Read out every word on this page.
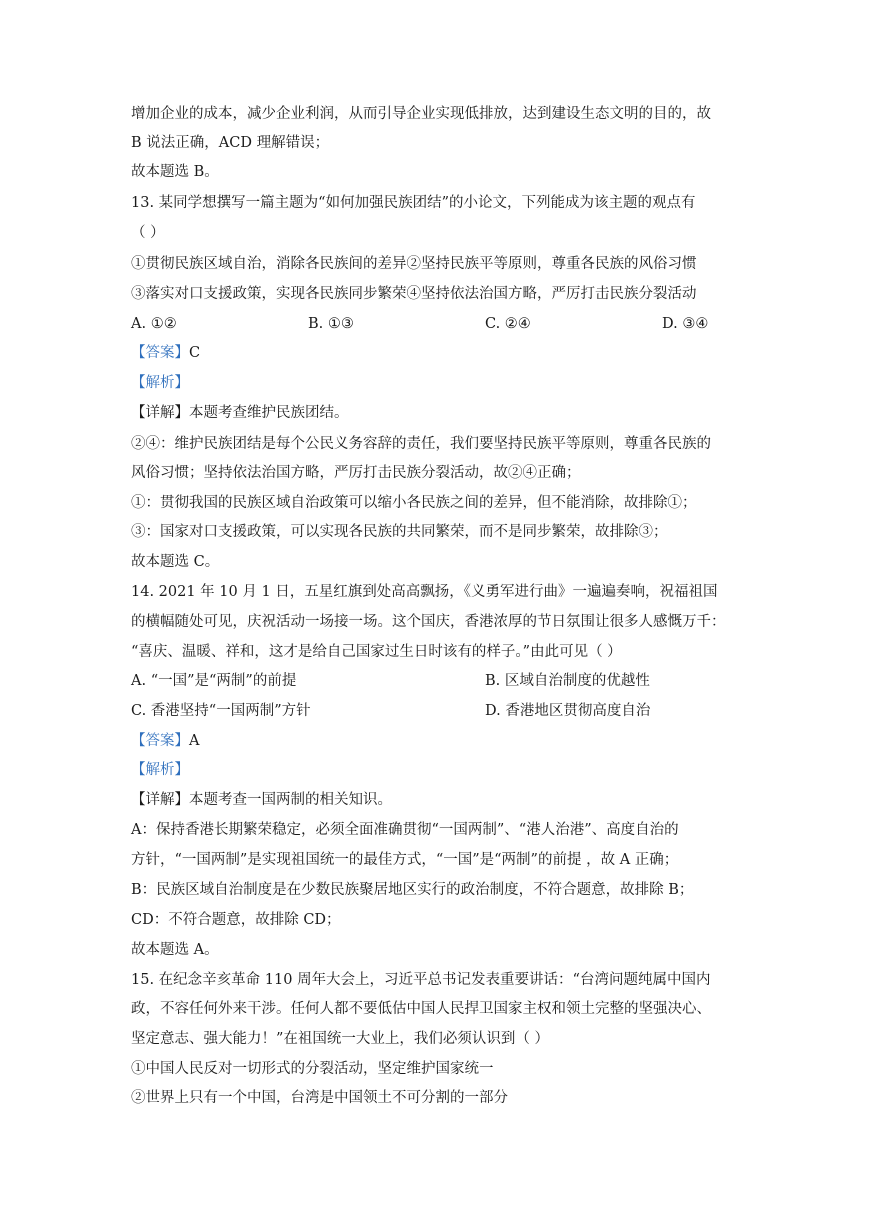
增加企业的成本，减少企业利润，从而引导企业实现低排放，达到建设生态文明的目的，故
B 说法正确，ACD 理解错误；
故本题选 B。
13. 某同学想撰写一篇主题为“如何加强民族团结”的小论文，下列能成为该主题的观点有
（ ）
①贯彻民族区域自治，消除各民族间的差异②坚持民族平等原则，尊重各民族的风俗习惯
③落实对口支援政策，实现各民族同步繁荣④坚持依法治国方略，严厉打击民族分裂活动
A. ①②	B. ①③	C. ②④	D. ③④
【答案】C
【解析】
【详解】本题考查维护民族团结。
②④：维护民族团结是每个公民义务容辞的责任，我们要坚持民族平等原则，尊重各民族的
风俗习惯；坚持依法治国方略，严厉打击民族分裂活动，故②④正确；
①：贯彻我国的民族区域自治政策可以缩小各民族之间的差异，但不能消除，故排除①；
③：国家对口支援政策，可以实现各民族的共同繁荣，而不是同步繁荣，故排除③；
故本题选 C。
14. 2021 年 10 月 1 日，五星红旗到处高高飘扬，《义勇军进行曲》一遍遍奏响，祝福祖国
的横幅随处可见，庆祝活动一场接一场。这个国庆，香港浓厚的节日氛围让很多人感慨万千：
“喜庆、温暖、祥和，这才是给自己国家过生日时该有的样子。”由此可见（ ）
A. “一国”是“两制”的前提	B. 区域自治制度的优越性
C. 香港坚持“一国两制”方针	D. 香港地区贯彻高度自治
【答案】A
【解析】
【详解】本题考查一国两制的相关知识。
A：保持香港长期繁荣稳定，必须全面准确贯彻“一国两制”、“港人治港”、高度自治的
方针，“一国两制”是实现祖国统一的最佳方式，“一国”是“两制”的前提 ，故 A 正确；
B：民族区域自治制度是在少数民族聚居地区实行的政治制度，不符合题意，故排除 B；
CD：不符合题意，故排除 CD；
故本题选 A。
15. 在纪念辛亥革命 110 周年大会上，习近平总书记发表重要讲话：“台湾问题纯属中国内
政，不容任何外来干涉。任何人都不要低估中国人民捍卫国家主权和领土完整的坚强决心、
坚定意志、强大能力！”在祖国统一大业上，我们必须认识到（ ）
①中国人民反对一切形式的分裂活动，坚定维护国家统一
②世界上只有一个中国，台湾是中国领土不可分割的一部分
